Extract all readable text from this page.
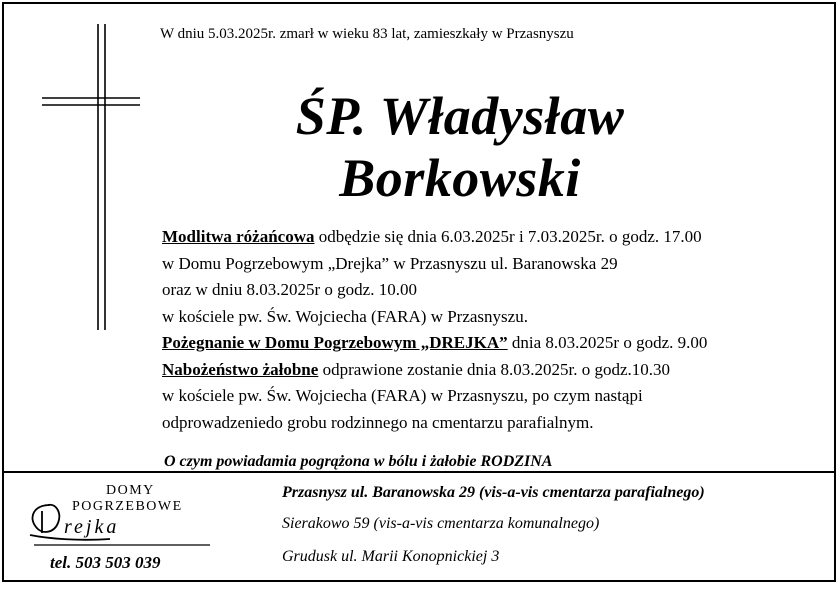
W dniu 5.03.2025r. zmarł w wieku 83 lat, zamieszkały w Przasnyszu
ŚP. Władysław
Borkowski
Modlitwa różańcowa odbędzie się dnia 6.03.2025r i 7.03.2025r. o godz. 17.00
w Domu Pogrzebowym „Drejka” w Przasnyszu ul. Baranowska 29
oraz w dniu 8.03.2025r o godz. 10.00
w kościele pw. Św. Wojciecha (FARA) w Przasnyszu.
Pożegnanie w Domu Pogrzebowym „DREJKA” dnia 8.03.2025r o godz. 9.00
Nabożeństwo żałobne odprawione zostanie dnia 8.03.2025r. o godz.10.30
w kościele pw. Św. Wojciecha (FARA) w Przasnyszu, po czym nastąpi
odprowadzeniedo grobu rodzinnego na cmentarzu parafialnym.
O czym powiadamia pogrążona w bólu i żałobie RODZINA
DOMY
POGRZEBOWE
rejka
tel. 503 503 039
Przasnysz ul. Baranowska 29 (vis-a-vis cmentarza parafialnego)
Sierakowo 59 (vis-a-vis cmentarza komunalnego)
Grudusk ul. Marii Konopnickiej 3
